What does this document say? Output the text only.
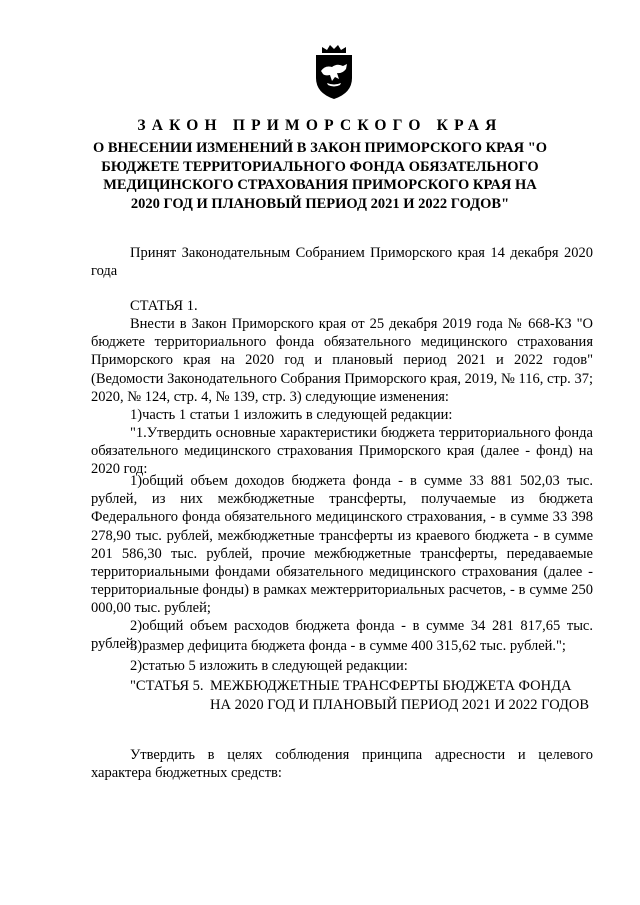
ЗАКОН ПРИМОРСКОГО КРАЯ
О ВНЕСЕНИИ ИЗМЕНЕНИЙ В ЗАКОН ПРИМОРСКОГО КРАЯ "О БЮДЖЕТЕ ТЕРРИТОРИАЛЬНОГО ФОНДА ОБЯЗАТЕЛЬНОГО МЕДИЦИНСКОГО СТРАХОВАНИЯ ПРИМОРСКОГО КРАЯ НА 2020 ГОД И ПЛАНОВЫЙ ПЕРИОД 2021 И 2022 ГОДОВ"

Принят Законодательным Собранием Приморского края 14 декабря 2020 года

СТАТЬЯ 1.

Внести в Закон Приморского края от 25 декабря 2019 года № 668-КЗ "О бюджете территориального фонда обязательного медицинского страхования Приморского края на 2020 год и плановый период 2021 и 2022 годов" (Ведомости Законодательного Собрания Приморского края, 2019, № 116, стр. 37; 2020, № 124, стр. 4, № 139, стр. 3) следующие изменения:

1)часть 1 статьи 1 изложить в следующей редакции:

"1.Утвердить основные характеристики бюджета территориального фонда обязательного медицинского страхования Приморского края (далее - фонд) на 2020 год:

1)общий объем доходов бюджета фонда - в сумме 33 881 502,03 тыс. рублей, из них межбюджетные трансферты, получаемые из бюджета Федерального фонда обязательного медицинского страхования, - в сумме 33 398 278,90 тыс. рублей, межбюджетные трансферты из краевого бюджета - в сумме 201 586,30 тыс. рублей, прочие межбюджетные трансферты, передаваемые территориальными фондами обязательного медицинского страхования (далее - территориальные фонды) в рамках межтерриториальных расчетов, - в сумме 250 000,00 тыс. рублей;

2)общий объем расходов бюджета фонда - в сумме 34 281 817,65 тыс. рублей;

3)размер дефицита бюджета фонда - в сумме 400 315,62 тыс. рублей.";

2)статью 5 изложить в следующей редакции:

"СТАТЬЯ 5. МЕЖБЮДЖЕТНЫЕ ТРАНСФЕРТЫ БЮДЖЕТА ФОНДА НА 2020 ГОД И ПЛАНОВЫЙ ПЕРИОД 2021 И 2022 ГОДОВ

Утвердить в целях соблюдения принципа адресности и целевого характера бюджетных средств:
